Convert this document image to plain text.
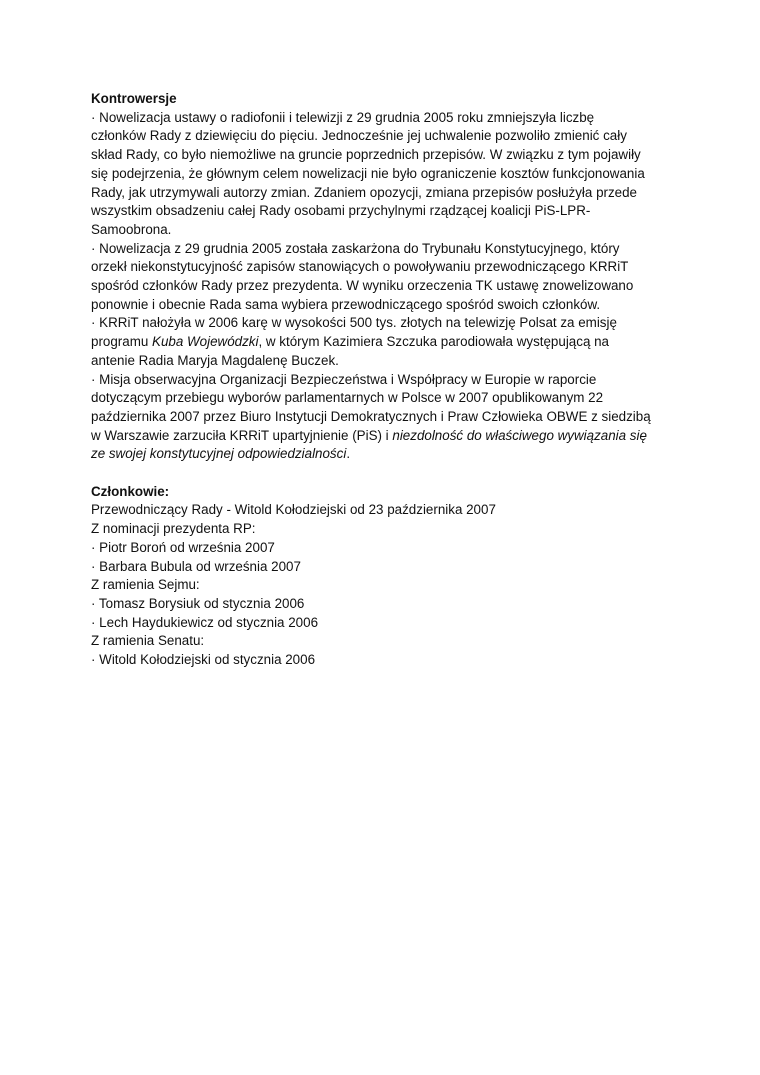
Kontrowersje

· Nowelizacja ustawy o radiofonii i telewizji z 29 grudnia 2005 roku zmniejszyła liczbę członków Rady z dziewięciu do pięciu. Jednocześnie jej uchwalenie pozwoliło zmienić cały skład Rady, co było niemożliwe na gruncie poprzednich przepisów. W związku z tym pojawiły się podejrzenia, że głównym celem nowelizacji nie było ograniczenie kosztów funkcjonowania Rady, jak utrzymywali autorzy zmian. Zdaniem opozycji, zmiana przepisów posłużyła przede wszystkim obsadzeniu całej Rady osobami przychylnymi rządzącej koalicji PiS-LPR-Samoobrona.

· Nowelizacja z 29 grudnia 2005 została zaskarżona do Trybunału Konstytucyjnego, który orzekł niekonstytucyjność zapisów stanowiących o powoływaniu przewodniczącego KRRiT spośród członków Rady przez prezydenta. W wyniku orzeczenia TK ustawę znowelizowano ponownie i obecnie Rada sama wybiera przewodniczącego spośród swoich członków.

· KRRiT nałożyła w 2006 karę w wysokości 500 tys. złotych na telewizję Polsat za emisję programu Kuba Wojewódzki, w którym Kazimiera Szczuka parodiowała występującą na antenie Radia Maryja Magdalenę Buczek.

· Misja obserwacyjna Organizacji Bezpieczeństwa i Współpracy w Europie w raporcie dotyczącym przebiegu wyborów parlamentarnych w Polsce w 2007 opublikowanym 22 października 2007 przez Biuro Instytucji Demokratycznych i Praw Człowieka OBWE z siedzibą w Warszawie zarzuciła KRRiT upartyjnienie (PiS) i niezdolność do właściwego wywiązania się ze swojej konstytucyjnej odpowiedzialności.

Członkowie:

Przewodniczący Rady - Witold Kołodziejski od 23 października 2007

Z nominacji prezydenta RP:

· Piotr Boroń od września 2007

· Barbara Bubula od września 2007

Z ramienia Sejmu:

· Tomasz Borysiuk od stycznia 2006

· Lech Haydukiewicz od stycznia 2006

Z ramienia Senatu:

· Witold Kołodziejski od stycznia 2006
